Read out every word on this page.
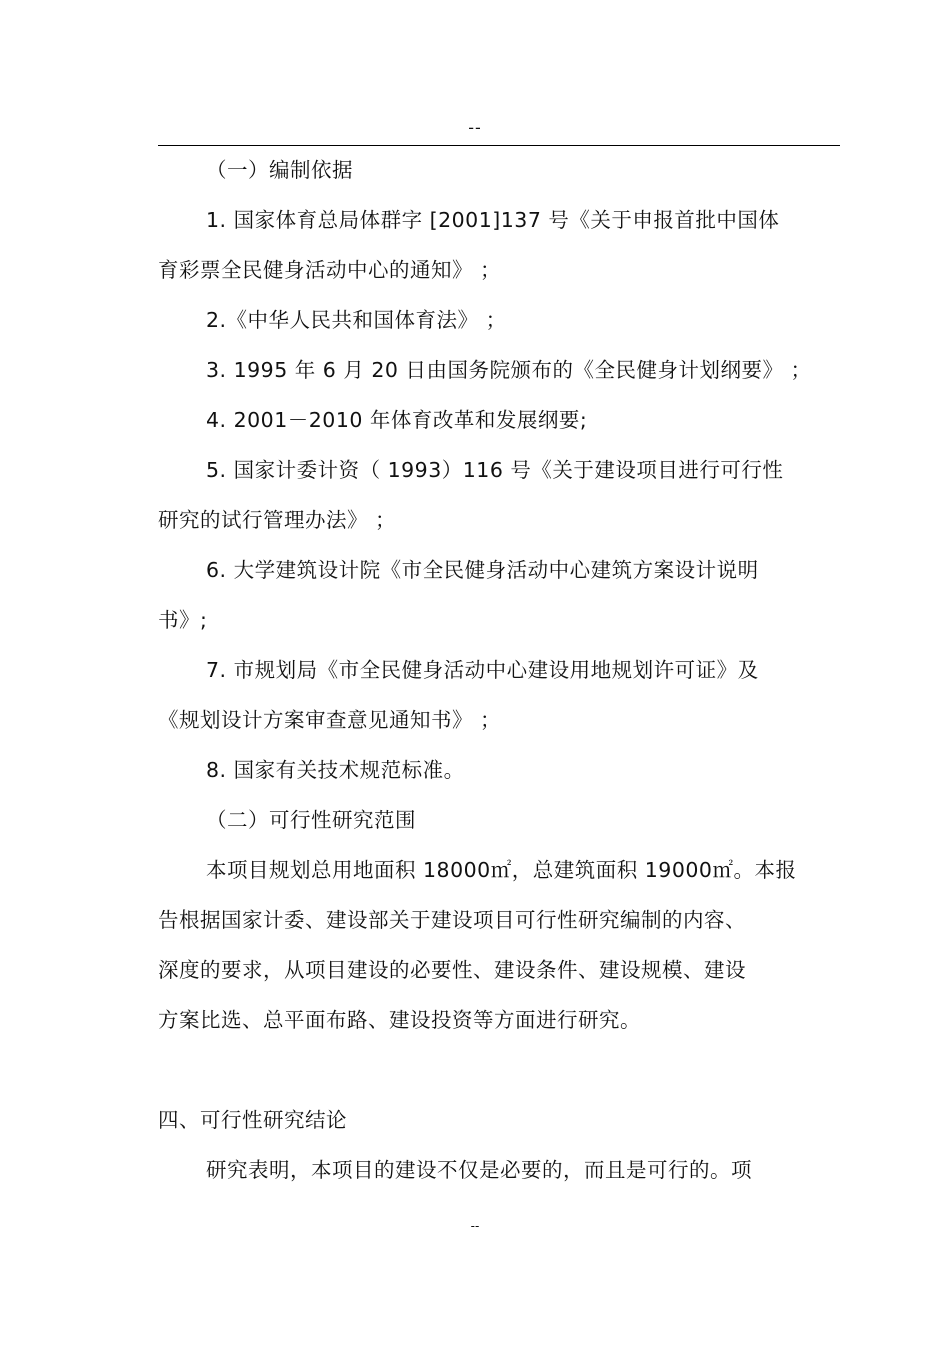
--
（一）编制依据
1. 国家体育总局体群字 [2001]137 号《关于申报首批中国体
育彩票全民健身活动中心的通知》 ；
2.《中华人民共和国体育法》 ；
3. 1995 年 6 月 20 日由国务院颁布的《全民健身计划纲要》 ；
4. 2001－2010 年体育改革和发展纲要;
5. 国家计委计资（ 1993）116 号《关于建设项目进行可行性
研究的试行管理办法》 ；
6. 大学建筑设计院《市全民健身活动中心建筑方案设计说明
书》;
7. 市规划局《市全民健身活动中心建设用地规划许可证》及
《规划设计方案审查意见通知书》 ；
8. 国家有关技术规范标准。
（二）可行性研究范围
本项目规划总用地面积 18000㎡，总建筑面积 19000㎡。本报
告根据国家计委、建设部关于建设项目可行性研究编制的内容、
深度的要求，从项目建设的必要性、建设条件、建设规模、建设
方案比选、总平面布路、建设投资等方面进行研究。
四、可行性研究结论
研究表明，本项目的建设不仅是必要的，而且是可行的。项
--
